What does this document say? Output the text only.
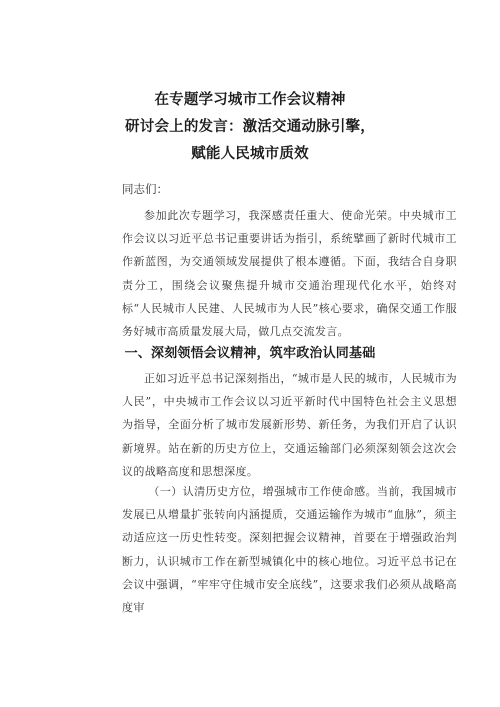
在专题学习城市工作会议精神
研讨会上的发言：激活交通动脉引擎，
赋能人民城市质效
同志们：

参加此次专题学习，我深感责任重大、使命光荣。中央城市工作会议以习近平总书记重要讲话为指引，系统擘画了新时代城市工作新蓝图，为交通领域发展提供了根本遵循。下面，我结合自身职责分工，围绕会议聚焦提升城市交通治理现代化水平，始终对标“人民城市人民建、人民城市为人民”核心要求，确保交通工作服务好城市高质量发展大局，做几点交流发言。

一、深刻领悟会议精神，筑牢政治认同基础

正如习近平总书记深刻指出，“城市是人民的城市，人民城市为人民”，中央城市工作会议以习近平新时代中国特色社会主义思想为指导，全面分析了城市发展新形势、新任务，为我们开启了认识新境界。站在新的历史方位上，交通运输部门必须深刻领会这次会议的战略高度和思想深度。

（一）认清历史方位，增强城市工作使命感。当前，我国城市发展已从增量扩张转向内涵提质，交通运输作为城市“血脉”，须主动适应这一历史性转变。深刻把握会议精神，首要在于增强政治判断力，认识城市工作在新型城镇化中的核心地位。习近平总书记在会议中强调，“牢牢守住城市安全底线”，这要求我们必须从战略高度审
